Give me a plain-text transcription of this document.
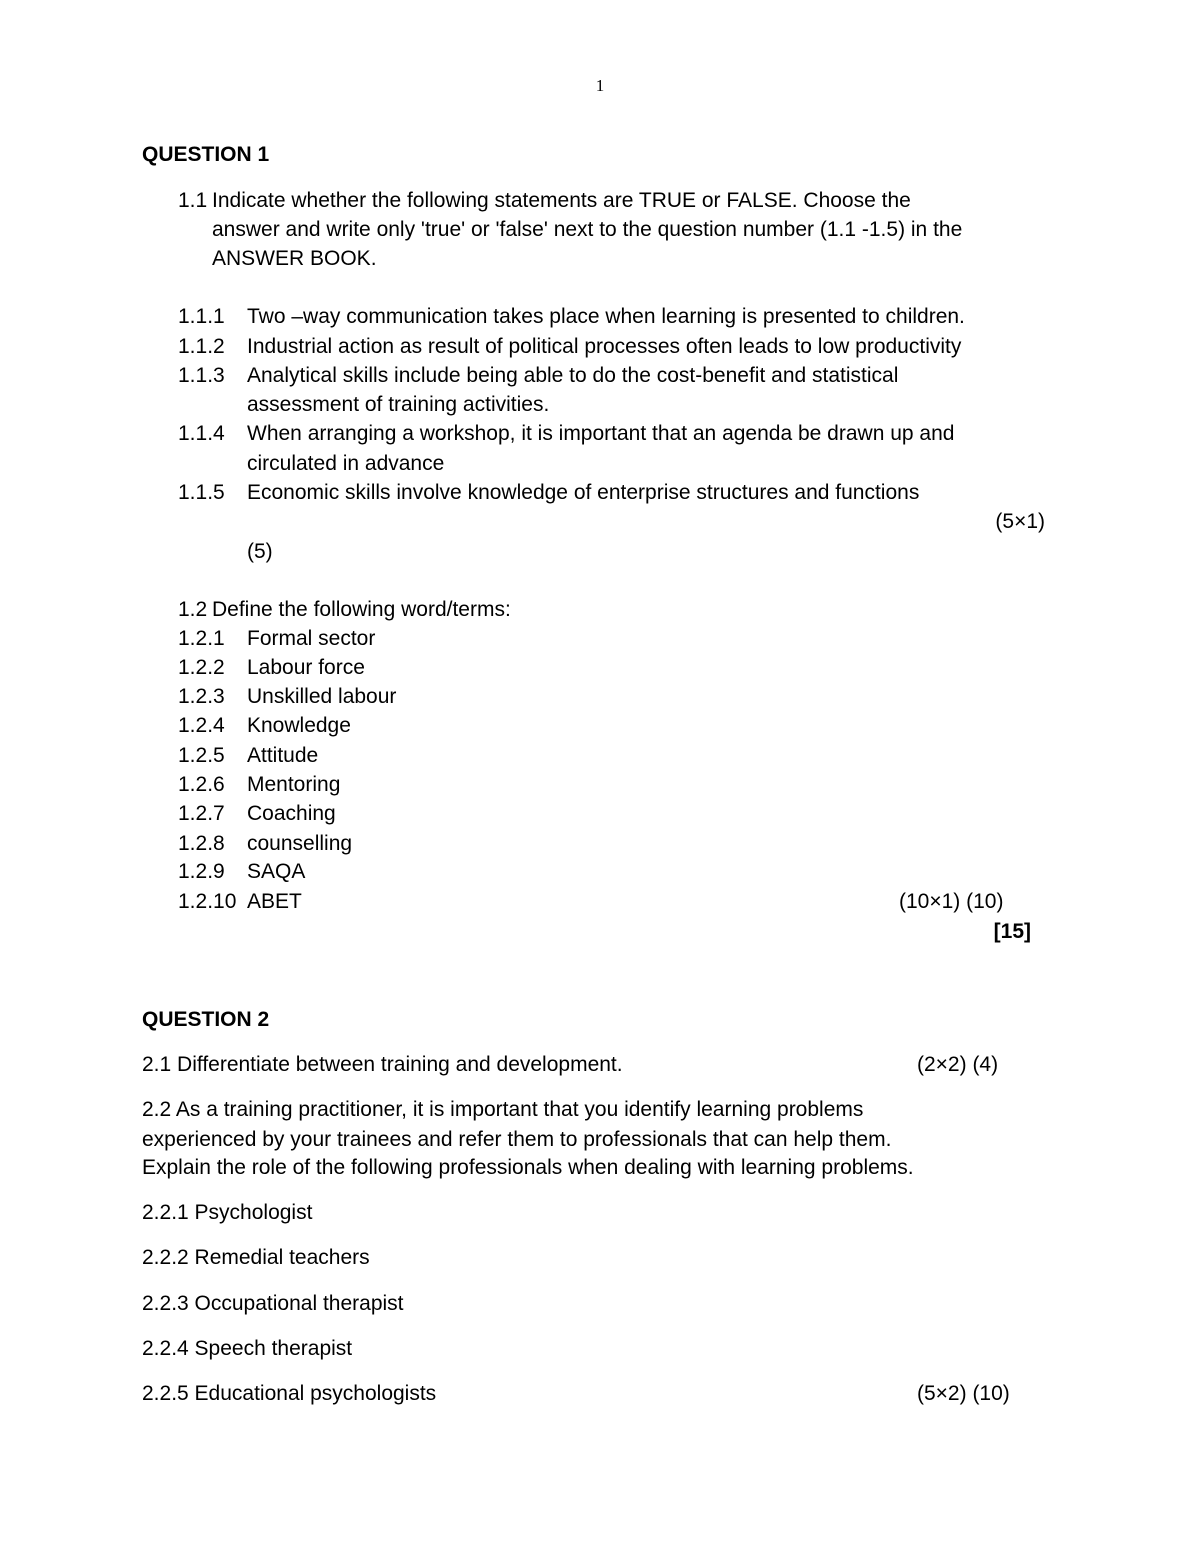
1
QUESTION 1
1.1 Indicate whether the following statements are TRUE or FALSE. Choose the
answer and write only 'true' or 'false' next to the question number (1.1 -1.5) in the
ANSWER BOOK.
1.1.1 Two –way communication takes place when learning is presented to children.
1.1.2 Industrial action as result of political processes often leads to low productivity
1.1.3 Analytical skills include being able to do the cost-benefit and statistical
assessment of training activities.
1.1.4 When arranging a workshop, it is important that an agenda be drawn up and
circulated in advance
1.1.5 Economic skills involve knowledge of enterprise structures and functions
(5×1)
(5)
1.2 Define the following word/terms:
1.2.1 Formal sector
1.2.2 Labour force
1.2.3 Unskilled labour
1.2.4 Knowledge
1.2.5 Attitude
1.2.6 Mentoring
1.2.7 Coaching
1.2.8 counselling
1.2.9 SAQA
1.2.10 ABET	(10×1) (10)
[15]
QUESTION 2
2.1 Differentiate between training and development.	(2×2) (4)
2.2 As a training practitioner, it is important that you identify learning problems
experienced by your trainees and refer them to professionals that can help them.
Explain the role of the following professionals when dealing with learning problems.
2.2.1 Psychologist
2.2.2 Remedial teachers
2.2.3 Occupational therapist
2.2.4 Speech therapist
2.2.5 Educational psychologists	(5×2) (10)
